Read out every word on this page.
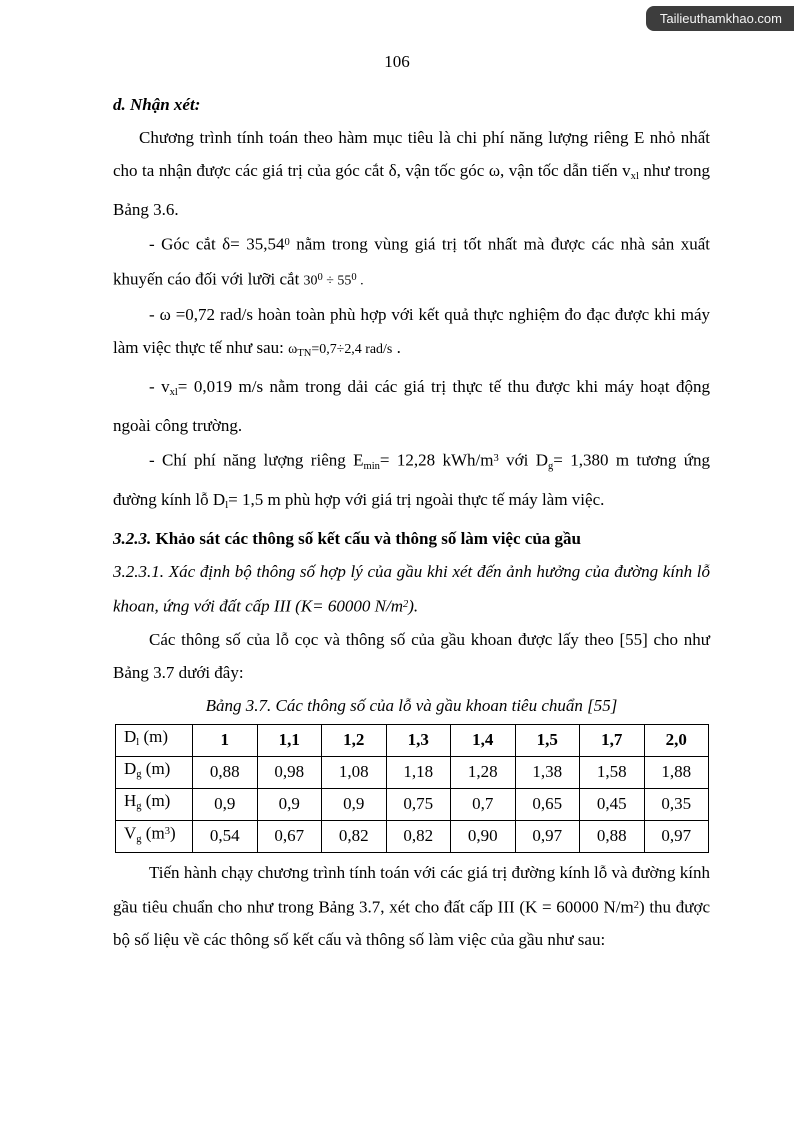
Tailieuthamkhao.com
106

d. Nhận xét:

Chương trình tính toán theo hàm mục tiêu là chi phí năng lượng riêng E nhỏ nhất cho ta nhận được các giá trị của góc cắt δ, vận tốc góc ω, vận tốc dẫn tiến vxl như trong Bảng 3.6.

- Góc cắt $\delta= 35,54^0$ nằm trong vùng giá trị tốt nhất mà được các nhà sản xuất khuyến cáo đối với lưỡi cắt $30^0 \div 55^0$ .

- ω =0,72 rad/s hoàn toàn phù hợp với kết quả thực nghiệm đo đạc được khi máy làm việc thực tế như sau: ωTN=0,7÷2,4 rad/s .

- vxl= 0,019 m/s nằm trong dải các giá trị thực tế thu được khi máy hoạt động ngoài công trường.

- Chí phí năng lượng riêng Emin= 12,28 kWh/$m^3$ với Dg= 1,380 m tương ứng đường kính lỗ Dl= 1,5 m phù hợp với giá trị ngoài thực tế máy làm việc.

3.2.3. Khảo sát các thông số kết cấu và thông số làm việc của gầu

3.2.3.1. Xác định bộ thông số hợp lý của gầu khi xét đến ảnh hưởng của đường kính lỗ khoan, ứng với đất cấp III (K= 60000 $N/m^2$).

Các thông số của lỗ cọc và thông số của gầu khoan được lấy theo [55] cho như Bảng 3.7 dưới đây:

Bảng 3.7. Các thông số của lỗ và gầu khoan tiêu chuẩn [55]

Dl (m)	1	1,1	1,2	1,3	1,4	1,5	1,7	2,0
Dg (m)	0,88	0,98	1,08	1,18	1,28	1,38	1,58	1,88
Hg (m)	0,9	0,9	0,9	0,75	0,7	0,65	0,45	0,35
Vg $(m^3)$	0,54	0,67	0,82	0,82	0,90	0,97	0,88	0,97

Tiến hành chạy chương trình tính toán với các giá trị đường kính lỗ và đường kính gầu tiêu chuẩn cho như trong Bảng 3.7, xét cho đất cấp III (K = 60000 $N/m^2$) thu được bộ số liệu về các thông số kết cấu và thông số làm việc của gầu như sau:
